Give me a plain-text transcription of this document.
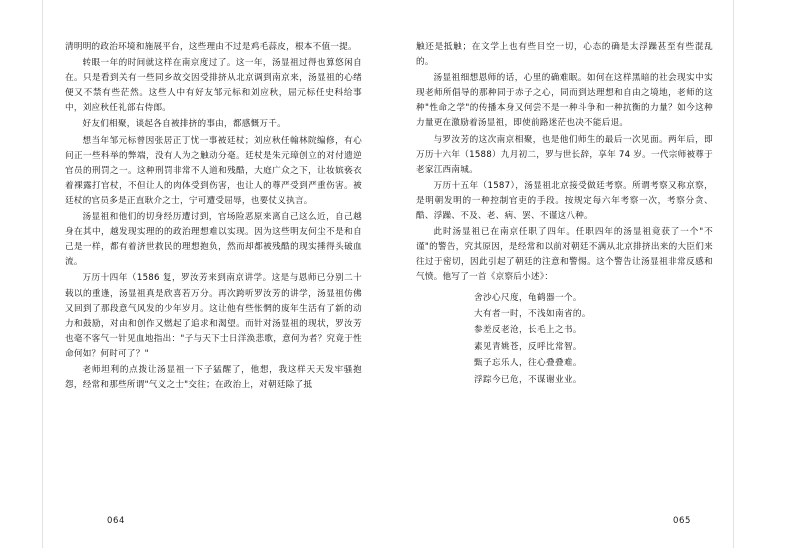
清明明的政治环境和施展平台，这些理由不过是鸡毛蒜皮，根本不值一提。

转眼一年的时间就这样在南京度过了。这一年，汤显祖过得也算悠闲自在。只是看到关有一些同乡故交因受排挤从北京调到南京来，汤显祖的心绪便又不禁有些茫然。这些人中有好友邹元标和刘应秋，屈元标任史科给事中，刘应秋任礼部右侍郎。

好友们相聚，谈起各自被排挤的事由，都感慨万千。

想当年邹元标曾因张居正丁忧一事被廷杖；刘应秋任翰林院编修，有心问正一些科举的弊端，没有人为之触动分毫。廷杖是朱元璋创立的对付遗逆官员的刑罚之一。这种刑罚非常不人道和残酷，大庭广众之下，让妆嫔亵衣着裸露打官杖，不但让人的肉体受到伤害，也让人的尊严受到严重伤害。被廷杖的官员多是正直耿介之士，宁可遭受屈辱，也要仗义执言。

汤显祖和他们的切身经历遭讨到，官场险恶原来离自己这么近，自己越身在其中，越发现实理的的政治理想难以实现。因为这些明友何尘不是和自己是一样，都有着济世救民的理想抱负，然而却都被残酷的现实捶得头破血流。

万历十四年（1586 复，罗汝芳来到南京讲学。这是与恩师已分别二十载以的重逢，汤显祖真是欣喜若万分。再次跨听罗汝芳的讲学，汤显祖仿佛又回到了那段意气风发的少年岁月。这让他有些怅惘的废年生活有了新的动力和鼓励，对由和创作又燃起了追求和渴望。而针对汤显祖的现状，罗汝芳也毫不客气一针见血地指出："子与天下士日洋涣悲歌，意何为者？究竟于性命何如？何时可了？"

老师坦利的点拨让汤显祖一下子猛醒了，他想，我这样天天发牢骚抱怨，经常和那些所谓"气义之士"交往；在政治上，对朝廷除了抵

064

触还是抵触；在文学上也有些目空一切，心态的确是太浮躁甚至有些混乱的。

汤显祖细想恩师的话，心里的确难眠。如何在这样黑暗的社会现实中实现老师所倡导的那种同于赤子之心，同而到达理想和自由之境地，老师的这种"性命之学"的传播本身又何尝不是一种斗争和一种抗衡的力量？如今这种力量更在激励着汤显祖，即使前路迷茫也决不能后退。

与罗汝芳的这次南京相聚，也是他们师生的最后一次见面。两年后，即万历十六年（1588）九月初二，罗与世长辞，享年 74 岁。一代宗师被尊于老家江西南城。

万历十五年（1587），汤显祖北京接受做廷考察。所谓考察又称京察，是明朝发明的一种控制官吏的手段。按规定每六年考察一次，考察分贪、酷、浮躁、不及、老、病、罢、不谨这八种。

此时汤显祖已在南京任职了四年。任职四年的汤显祖竟获了一个"不谨"的警告，究其原因，是经常和以前对朝廷不满从北京排挤出来的大臣们来往过于密切，因此引起了朝廷的注意和警惕。这个警告让汤显祖非常反感和气愤。他写了一首《京察后小述》：

舍沙心尺度，龟鹤器一个。

大有者一时，不浅如南省的。

参差反老沧，长毛上之书。

素见青姚苍，反呼比常智。

甄子忘乐人，往心叠叠难。

浮踪今已危，不谋谢业业。

065
